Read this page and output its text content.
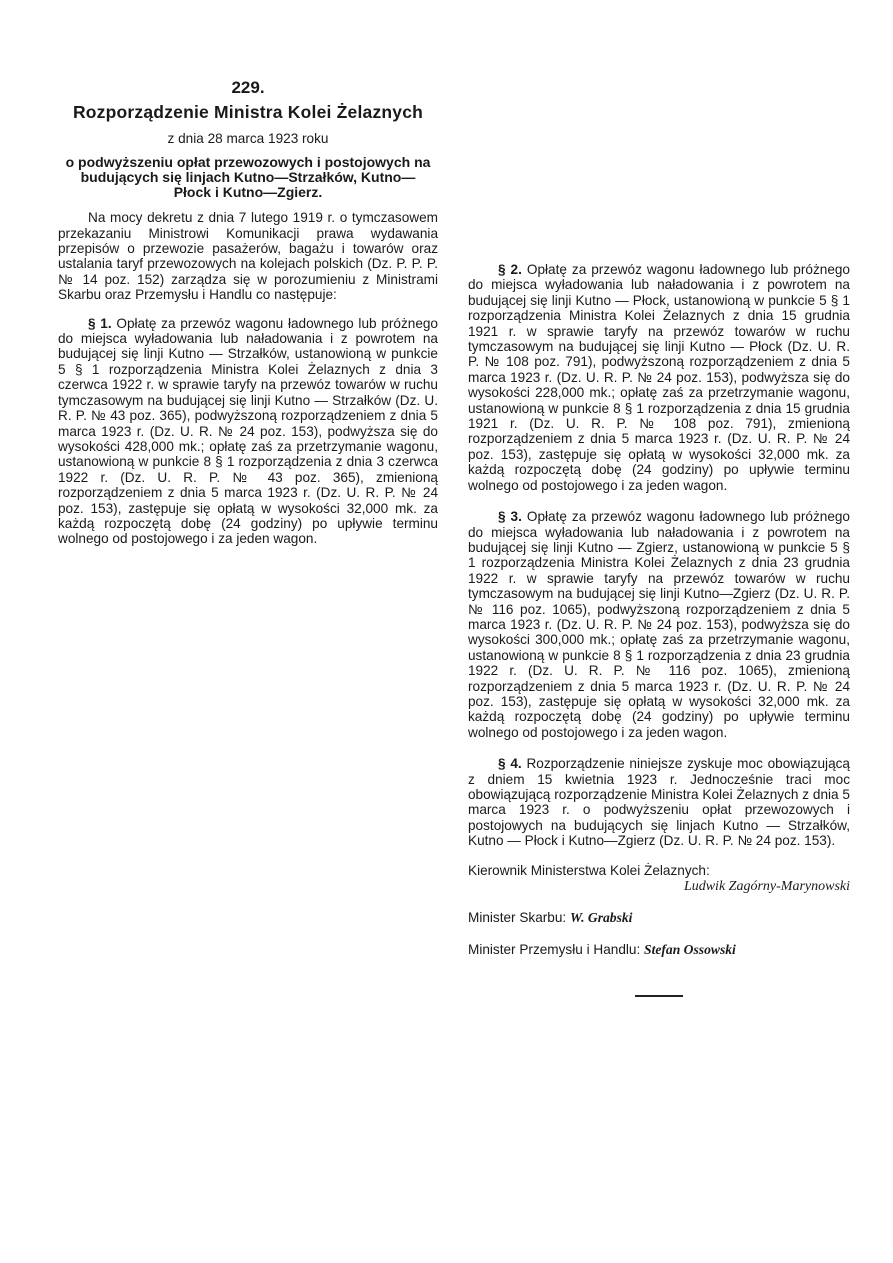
229.
Rozporządzenie Ministra Kolei Żelaznych
z dnia 28 marca 1923 roku
o podwyższeniu opłat przewozowych i postojowych na budujących się linjach Kutno—Strzałków, Kutno—Płock i Kutno—Zgierz.

Na mocy dekretu z dnia 7 lutego 1919 r. o tymczasowem przekazaniu Ministrowi Komunikacji prawa wydawania przepisów o przewozie pasażerów, bagażu i towarów oraz ustalania taryf przewozowych na kolejach polskich (Dz. P. P. P. № 14 poz. 152) zarządza się w porozumieniu z Ministrami Skarbu oraz Przemysłu i Handlu co następuje:

§ 1. Opłatę za przewóz wagonu ładownego lub próżnego do miejsca wyładowania lub naładowania i z powrotem na budującej się linji Kutno — Strzałków, ustanowioną w punkcie 5 § 1 rozporządzenia Ministra Kolei Żelaznych z dnia 3 czerwca 1922 r. w sprawie taryfy na przewóz towarów w ruchu tymczasowym na budującej się linji Kutno — Strzałków (Dz. U. R. P. № 43 poz. 365), podwyższoną rozporządzeniem z dnia 5 marca 1923 r. (Dz. U. R. № 24 poz. 153), podwyższa się do wysokości 428,000 mk.; opłatę zaś za przetrzymanie wagonu, ustanowioną w punkcie 8 § 1 rozporządzenia z dnia 3 czerwca 1922 r. (Dz. U. R. P. № 43 poz. 365), zmienioną rozporządzeniem z dnia 5 marca 1923 r. (Dz. U. R. P. № 24 poz. 153), zastępuje się opłatą w wysokości 32,000 mk. za każdą rozpoczętą dobę (24 godziny) po upływie terminu wolnego od postojowego i za jeden wagon.

§ 2. Opłatę za przewóz wagonu ładownego lub próżnego do miejsca wyładowania lub naładowania i z powrotem na budującej się linji Kutno — Płock, ustanowioną w punkcie 5 § 1 rozporządzenia Ministra Kolei Żelaznych z dnia 15 grudnia 1921 r. w sprawie taryfy na przewóz towarów w ruchu tymczasowym na budującej się linji Kutno — Płock (Dz. U. R. P. № 108 poz. 791), podwyższoną rozporządzeniem z dnia 5 marca 1923 r. (Dz. U. R. P. № 24 poz. 153), podwyższa się do wysokości 228,000 mk.; opłatę zaś za przetrzymanie wagonu, ustanowioną w punkcie 8 § 1 rozporządzenia z dnia 15 grudnia 1921 r. (Dz. U. R. P. № 108 poz. 791), zmienioną rozporządzeniem z dnia 5 marca 1923 r. (Dz. U. R. P. № 24 poz. 153), zastępuje się opłatą w wysokości 32,000 mk. za każdą rozpoczętą dobę (24 godziny) po upływie terminu wolnego od postojowego i za jeden wagon.

§ 3. Opłatę za przewóz wagonu ładownego lub próżnego do miejsca wyładowania lub naładowania i z powrotem na budującej się linji Kutno — Zgierz, ustanowioną w punkcie 5 § 1 rozporządzenia Ministra Kolei Żelaznych z dnia 23 grudnia 1922 r. w sprawie taryfy na przewóz towarów w ruchu tymczasowym na budującej się linji Kutno—Zgierz (Dz. U. R. P. № 116 poz. 1065), podwyższoną rozporządzeniem z dnia 5 marca 1923 r. (Dz. U. R. P. № 24 poz. 153), podwyższa się do wysokości 300,000 mk.; opłatę zaś za przetrzymanie wagonu, ustanowioną w punkcie 8 § 1 rozporządzenia z dnia 23 grudnia 1922 r. (Dz. U. R. P. № 116 poz. 1065), zmienioną rozporządzeniem z dnia 5 marca 1923 r. (Dz. U. R. P. № 24 poz. 153), zastępuje się opłatą w wysokości 32,000 mk. za każdą rozpoczętą dobę (24 godziny) po upływie terminu wolnego od postojowego i za jeden wagon.

§ 4. Rozporządzenie niniejsze zyskuje moc obowiązującą z dniem 15 kwietnia 1923 r. Jednocześnie traci moc obowiązującą rozporządzenie Ministra Kolei Żelaznych z dnia 5 marca 1923 r. o podwyższeniu opłat przewozowych i postojowych na budujących się linjach Kutno — Strzałków, Kutno — Płock i Kutno—Zgierz (Dz. U. R. P. № 24 poz. 153).

Kierownik Ministerstwa Kolei Żelaznych:
Ludwik Zagórny-Marynowski
Minister Skarbu: W. Grabski
Minister Przemysłu i Handlu: Stefan Ossowski
